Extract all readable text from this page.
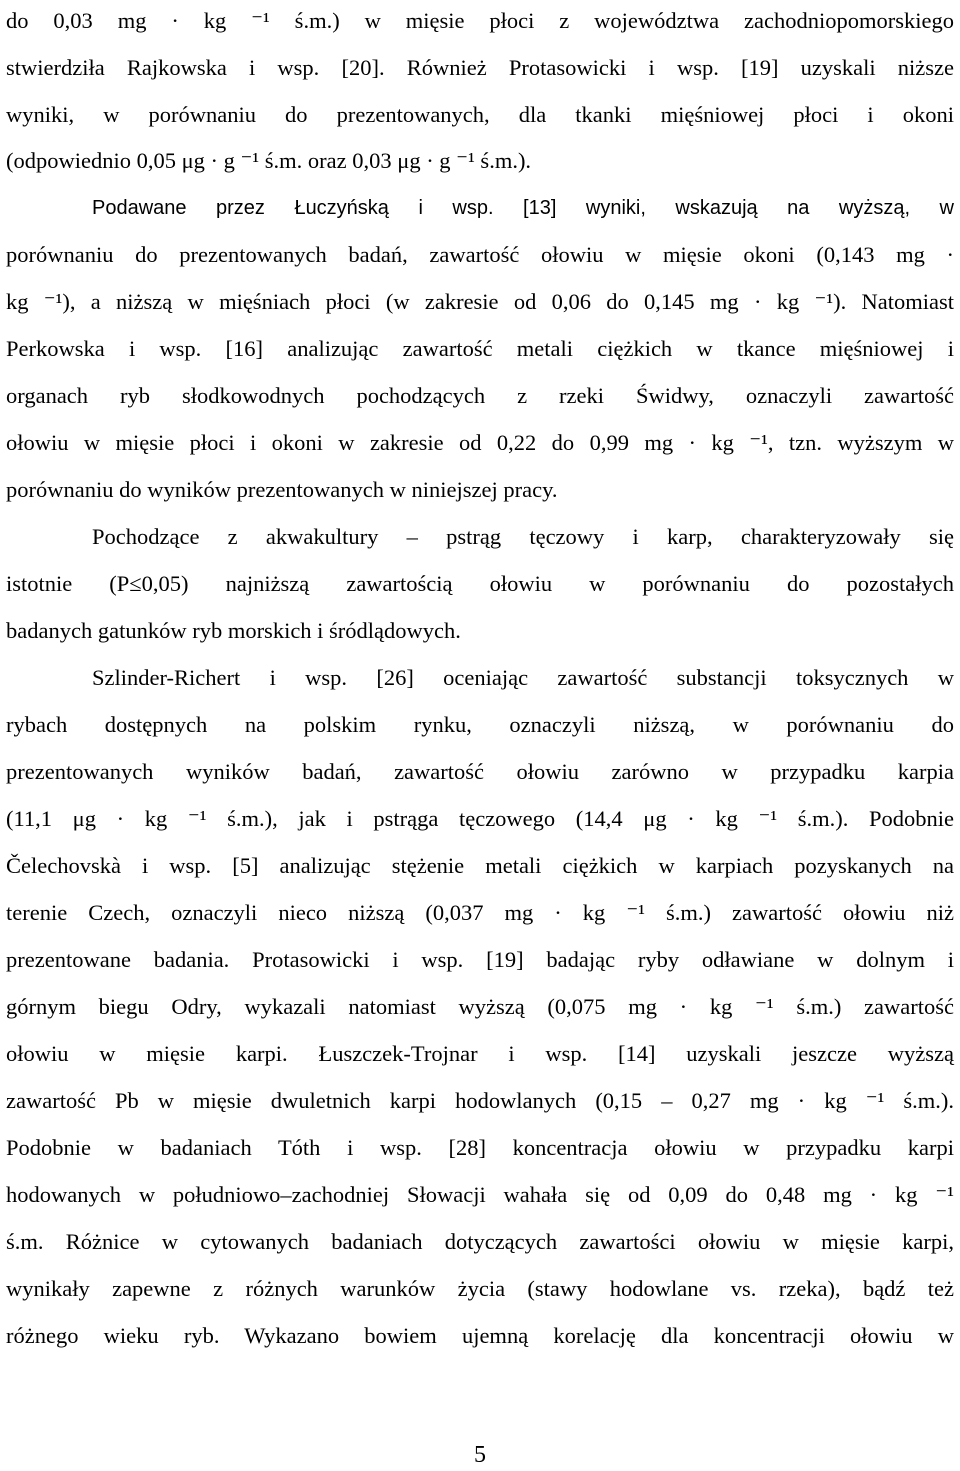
do 0,03 mg · kg ⁻¹ ś.m.) w mięsie płoci z województwa zachodniopomorskiego
stwierdziła Rajkowska i wsp. [20]. Również Protasowicki i wsp. [19] uzyskali niższe
wyniki, w porównaniu do prezentowanych, dla tkanki mięśniowej płoci i okoni
(odpowiednio 0,05 μg · g ⁻¹ ś.m. oraz 0,03 μg · g ⁻¹ ś.m.).
Podawane przez Łuczyńską i wsp. [13] wyniki, wskazują na wyższą, w
porównaniu do prezentowanych badań, zawartość ołowiu w mięsie okoni (0,143 mg ·
kg ⁻¹), a niższą w mięśniach płoci (w zakresie od 0,06 do 0,145 mg · kg ⁻¹). Natomiast
Perkowska i wsp. [16] analizując zawartość metali ciężkich w tkance mięśniowej i
organach ryb słodkowodnych pochodzących z rzeki Świdwy, oznaczyli zawartość
ołowiu w mięsie płoci i okoni w zakresie od 0,22 do 0,99 mg · kg ⁻¹, tzn. wyższym w
porównaniu do wyników prezentowanych w niniejszej pracy.
Pochodzące z akwakultury – pstrąg tęczowy i karp, charakteryzowały się
istotnie (P≤0,05) najniższą zawartością ołowiu w porównaniu do pozostałych
badanych gatunków ryb morskich i śródlądowych.
Szlinder-Richert i wsp. [26] oceniając zawartość substancji toksycznych w
rybach dostępnych na polskim rynku, oznaczyli niższą, w porównaniu do
prezentowanych wyników badań, zawartość ołowiu zarówno w przypadku karpia
(11,1 μg · kg ⁻¹ ś.m.), jak i pstrąga tęczowego (14,4 μg · kg ⁻¹ ś.m.). Podobnie
Čelechovskà i wsp. [5] analizując stężenie metali ciężkich w karpiach pozyskanych na
terenie Czech, oznaczyli nieco niższą (0,037 mg · kg ⁻¹ ś.m.) zawartość ołowiu niż
prezentowane badania. Protasowicki i wsp. [19] badając ryby odławiane w dolnym i
górnym biegu Odry, wykazali natomiast wyższą (0,075 mg · kg ⁻¹ ś.m.) zawartość
ołowiu w mięsie karpi. Łuszczek-Trojnar i wsp. [14] uzyskali jeszcze wyższą
zawartość Pb w mięsie dwuletnich karpi hodowlanych (0,15 – 0,27 mg · kg ⁻¹ ś.m.).
Podobnie w badaniach Tóth i wsp. [28] koncentracja ołowiu w przypadku karpi
hodowanych w południowo–zachodniej Słowacji wahała się od 0,09 do 0,48 mg · kg ⁻¹
ś.m. Różnice w cytowanych badaniach dotyczących zawartości ołowiu w mięsie karpi,
wynikały zapewne z różnych warunków życia (stawy hodowlane vs. rzeka), bądź też
różnego wieku ryb. Wykazano bowiem ujemną korelację dla koncentracji ołowiu w
5
